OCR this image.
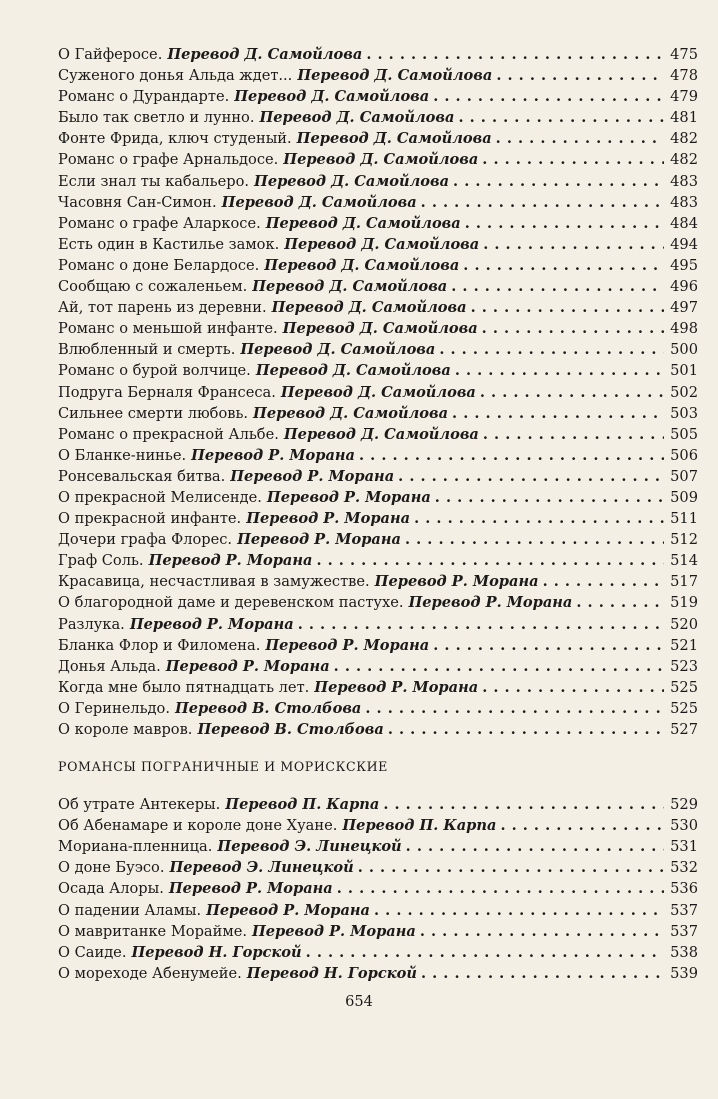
О Гайферосе. Перевод Д. Самойлова . . .	475
Суженого донья Альда ждет... Перевод Д. Самойлова . . .	478
Романс о Дурандарте. Перевод Д. Самойлова . . .	479
Было так светло и лунно. Перевод Д. Самойлова . . .	481
Фонте Фрида, ключ студеный. Перевод Д. Самойлова . . .	482
Романс о графе Арнальдосе. Перевод Д. Самойлова . . .	482
Если знал ты кабальеро. Перевод Д. Самойлова . . .	483
Часовня Сан-Симон. Перевод Д. Самойлова . . .	483
Романс о графе Аларкосе. Перевод Д. Самойлова . . .	484
Есть один в Кастилье замок. Перевод Д. Самойлова . . .	494
Романс о доне Белардосе. Перевод Д. Самойлова . . .	495
Сообщаю с сожаленьем. Перевод Д. Самойлова . . .	496
Ай, тот парень из деревни. Перевод Д. Самойлова . . .	497
Романс о меньшой инфанте. Перевод Д. Самойлова . . .	498
Влюбленный и смерть. Перевод Д. Самойлова . . .	500
Романс о бурой волчице. Перевод Д. Самойлова . . .	501
Подруга Берналя Франсеса. Перевод Д. Самойлова . . .	502
Сильнее смерти любовь. Перевод Д. Самойлова . . .	503
Романс о прекрасной Альбе. Перевод Д. Самойлова . . .	505
О Бланке-нинье. Перевод Р. Морана . . .	506
Ронсевальская битва. Перевод Р. Морана . . .	507
О прекрасной Мелисенде. Перевод Р. Морана . . .	509
О прекрасной инфанте. Перевод Р. Морана . . .	511
Дочери графа Флорес. Перевод Р. Морана . . .	512
Граф Соль. Перевод Р. Морана . . .	514
Красавица, несчастливая в замужестве. Перевод Р. Морана . . .	517
О благородной даме и деревенском пастухе. Перевод Р. Морана . . .	519
Разлука. Перевод Р. Морана . . .	520
Бланка Флор и Филомена. Перевод Р. Морана . . .	521
Донья Альда. Перевод Р. Морана . . .	523
Когда мне было пятнадцать лет. Перевод Р. Морана . . .	525
О Геринельдо. Перевод В. Столбова . . .	525
О короле мавров. Перевод В. Столбова . . .	527
РОМАНСЫ ПОГРАНИЧНЫЕ И МОРИСКСКИЕ
Об утрате Антекеры. Перевод П. Карпа . . .	529
Об Абенамаре и короле доне Хуане. Перевод П. Карпа . . .	530
Мориана-пленница. Перевод Э. Линецкой . . .	531
О доне Буэсо. Перевод Э. Линецкой . . .	532
Осада Алоры. Перевод Р. Морана . . .	536
О падении Аламы. Перевод Р. Морана . . .	537
О мавританке Морайме. Перевод Р. Морана . . .	537
О Саиде. Перевод Н. Горской . . .	538
О мореходе Абенумейе. Перевод Н. Горской . . .	539
654
